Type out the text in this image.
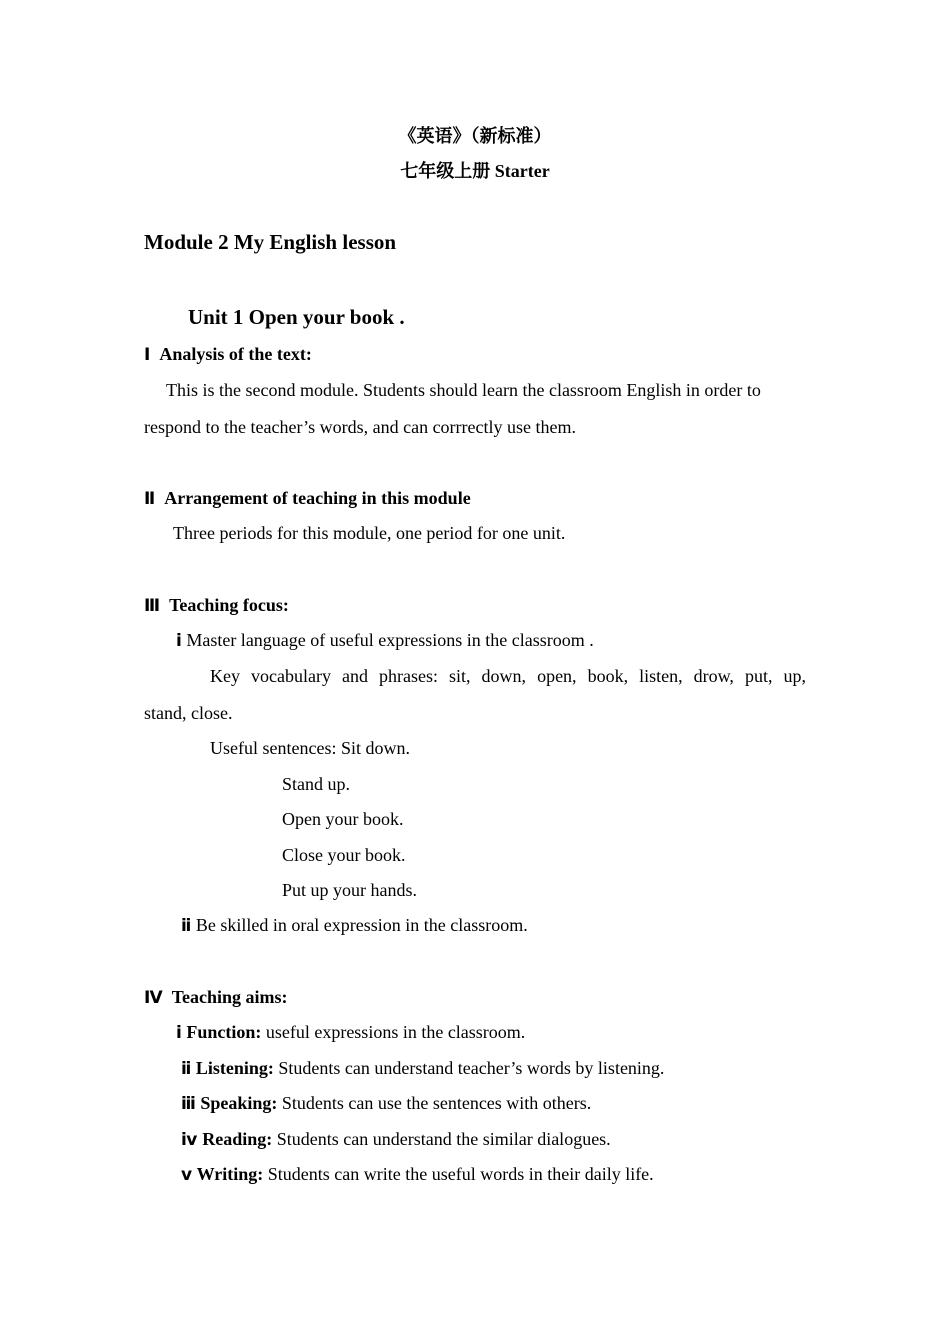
《英语》（新标准）
七年级上册 Starter
Module 2 My English lesson
Unit 1 Open your book .
Ⅰ Analysis of the text:
This is the second module. Students should learn the classroom English in order to
respond to the teacher’s words, and can corrrectly use them.
Ⅱ Arrangement of teaching in this module
Three periods for this module, one period for one unit.
Ⅲ Teaching focus:
ⅰ Master language of useful expressions in the classroom .
Key vocabulary and phrases: sit, down, open, book, listen, drow, put, up,
stand, close.
Useful sentences: Sit down.
Stand up.
Open your book.
Close your book.
Put up your hands.
ⅱ Be skilled in oral expression in the classroom.
Ⅳ Teaching aims:
ⅰ Function: useful expressions in the classroom.
ⅱ Listening: Students can understand teacher’s words by listening.
ⅲ Speaking: Students can use the sentences with others.
ⅳ Reading: Students can understand the similar dialogues.
ⅴ Writing: Students can write the useful words in their daily life.
